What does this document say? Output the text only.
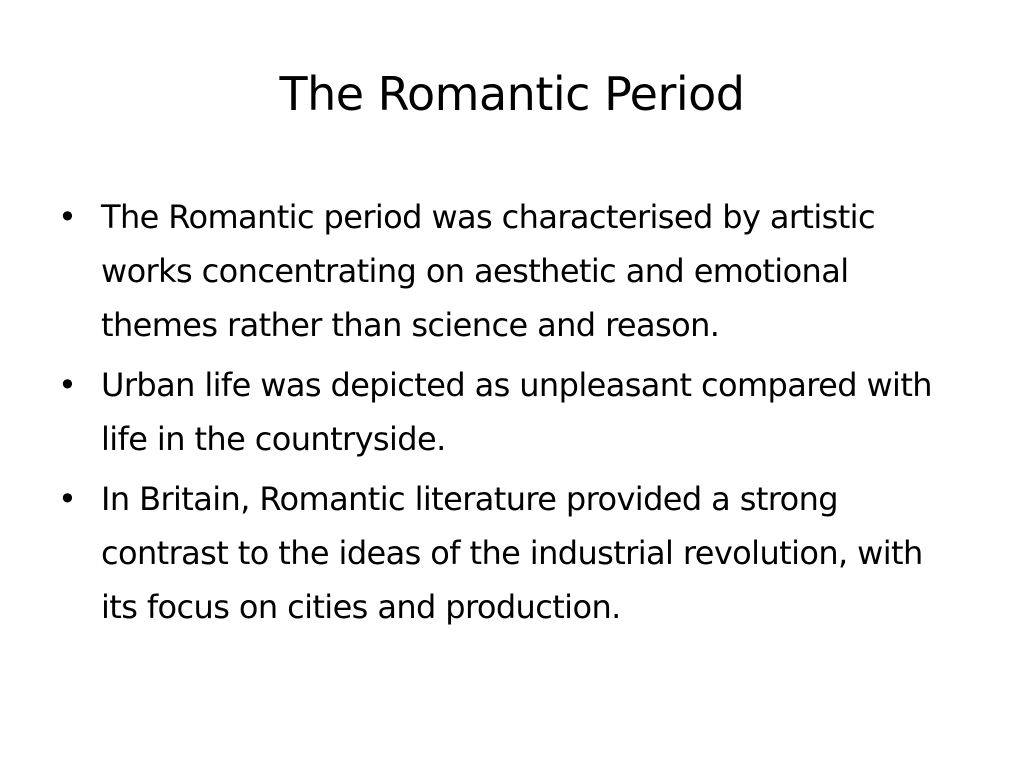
The Romantic Period
• The Romantic period was characterised by artistic works concentrating on aesthetic and emotional themes rather than science and reason.
• Urban life was depicted as unpleasant compared with life in the countryside.
• In Britain, Romantic literature provided a strong contrast to the ideas of the industrial revolution, with its focus on cities and production.
